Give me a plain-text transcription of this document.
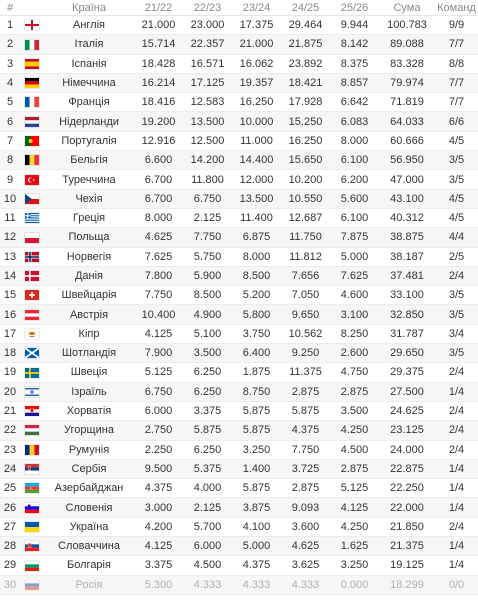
#		Країна	21/22	22/23	23/24	24/25	25/26	Сума	Команд
1		Англія	21.000	23.000	17.375	29.464	9.944	100.783	9/9
2		Італія	15.714	22.357	21.000	21.875	8.142	89.088	7/7
3		Іспанія	18.428	16.571	16.062	23.892	8.375	83.328	8/8
4		Німеччина	16.214	17.125	19.357	18.421	8.857	79.974	7/7
5		Франція	18.416	12.583	16.250	17.928	6.642	71.819	7/7
6		Нідерланди	19.200	13.500	10.000	15.250	6.083	64.033	6/6
7		Португалія	12.916	12.500	11.000	16.250	8.000	60.666	4/5
8		Бельгія	6.600	14.200	14.400	15.650	6.100	56.950	3/5
9		Туреччина	6.700	11.800	12.000	10.200	6.200	47.000	3/5
10		Чехія	6.700	6.750	13.500	10.550	5.600	43.100	4/5
11		Греція	8.000	2.125	11.400	12.687	6.100	40.312	4/5
12		Польща	4.625	7.750	6.875	11.750	7.875	38.875	4/4
13		Норвегія	7.625	5.750	8.000	11.812	5.000	38.187	2/5
14		Данія	7.800	5.900	8.500	7.656	7.625	37.481	2/4
15		Швейцарія	7.750	8.500	5.200	7.050	4.600	33.100	3/5
16		Австрія	10.400	4.900	5.800	9.650	3.100	32.850	3/5
17		Кіпр	4.125	5.100	3.750	10.562	8.250	31.787	3/4
18		Шотландія	7.900	3.500	6.400	9.250	2.600	29.650	3/5
19		Швеція	5.125	6.250	1.875	11.375	4.750	29.375	2/4
20		Ізраїль	6.750	6.250	8.750	2.875	2.875	27.500	1/4
21		Хорватія	6.000	3.375	5.875	5.875	3.500	24.625	2/4
22		Угорщина	2.750	5.875	5.875	4.375	4.250	23.125	2/4
23		Румунія	2.250	6.250	3.250	7.750	4.500	24.000	2/4
24		Сербія	9.500	5.375	1.400	3.725	2.875	22.875	1/4
25		Азербайджан	4.375	4.000	5.875	2.875	5.125	22.250	1/4
26		Словенія	3.000	2.125	3.875	9.093	4.125	22.000	1/4
27		Україна	4.200	5.700	4.100	3.600	4.250	21.850	2/4
28		Словаччина	4.125	6.000	5.000	4.625	1.625	21.375	1/4
29		Болгарія	3.375	4.500	4.375	3.625	3.250	19.125	1/4
30		Росія	5.300	4.333	4.333	4.333	0.000	18.299	0/0
